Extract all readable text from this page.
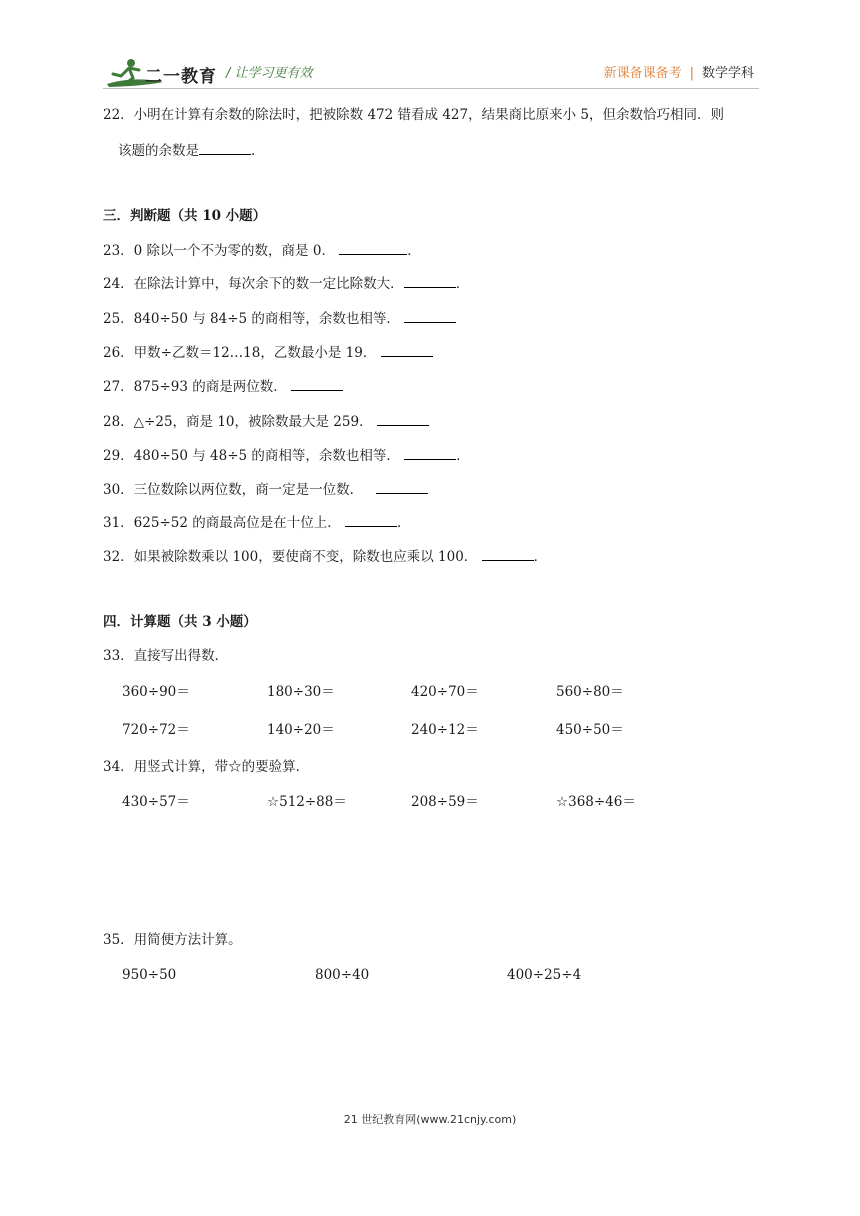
二一教育 / 让学习更有效	新课备课备考 | 数学学科
22．小明在计算有余数的除法时，把被除数 472 错看成 427，结果商比原来小 5，但余数恰巧相同．则
该题的余数是	．
三．判断题（共 10 小题）
23．0 除以一个不为零的数，商是 0．	．
24．在除法计算中，每次余下的数一定比除数大．	．
25．840÷50 与 84÷5 的商相等，余数也相等．
26．甲数÷乙数＝12…18，乙数最小是 19．
27．875÷93 的商是两位数．
28．△÷25，商是 10，被除数最大是 259．
29．480÷50 与 48÷5 的商相等，余数也相等．	．
30．三位数除以两位数，商一定是一位数．
31．625÷52 的商最高位是在十位上．	．
32．如果被除数乘以 100，要使商不变，除数也应乘以 100．	．
四．计算题（共 3 小题）
33．直接写出得数．
360÷90＝	180÷30＝	420÷70＝	560÷80＝
720÷72＝	140÷20＝	240÷12＝	450÷50＝
34．用竖式计算，带☆的要验算．
430÷57＝	☆512÷88＝	208÷59＝	☆368÷46＝
35．用简便方法计算。
950÷50	800÷40	400÷25÷4
21 世纪教育网(www.21cnjy.com)
